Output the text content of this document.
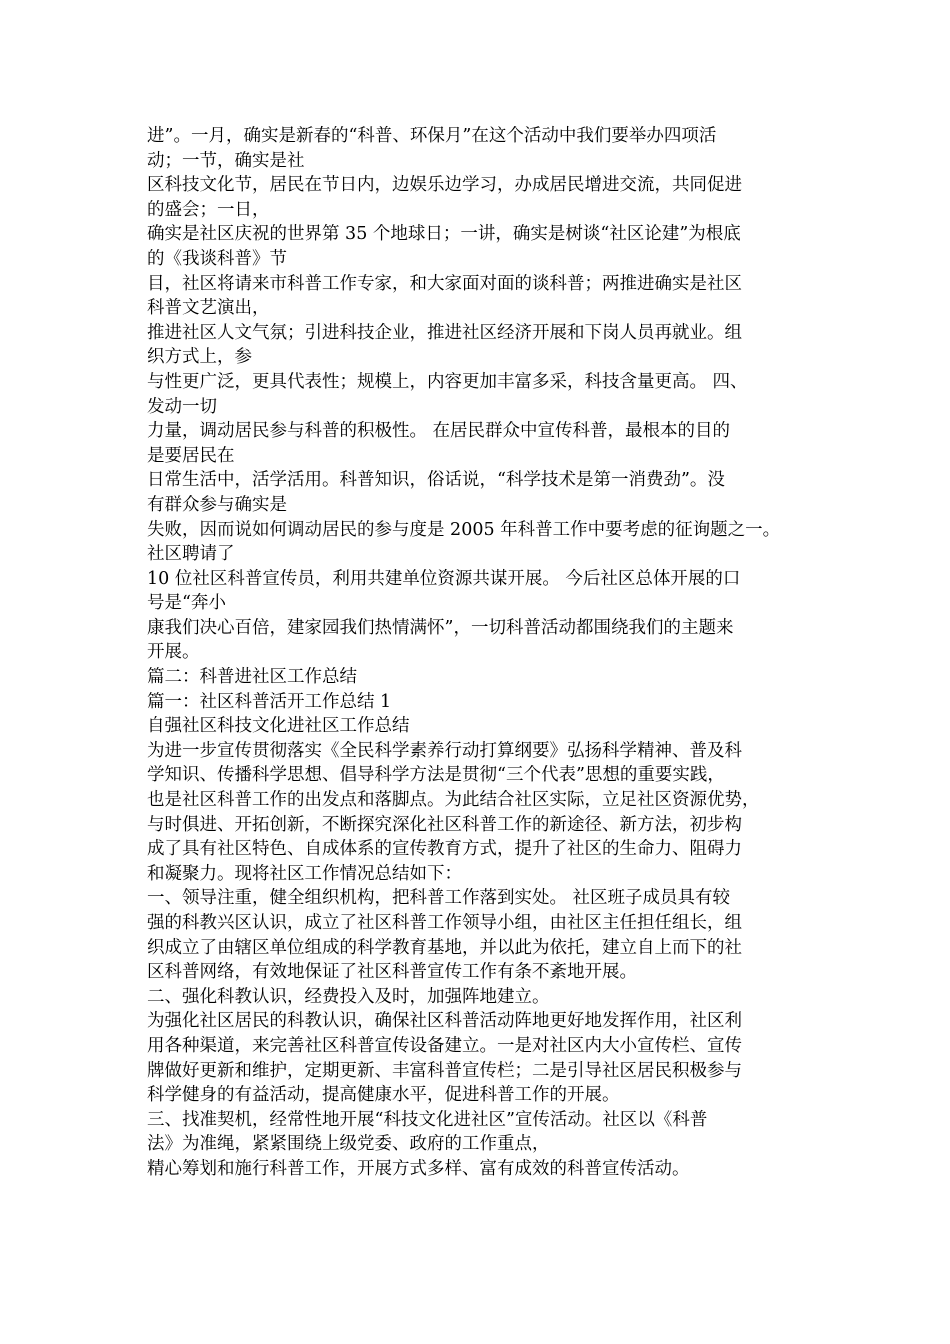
进”。一月，确实是新春的“科普、环保月”在这个活动中我们要举办四项活
动；一节，确实是社
区科技文化节，居民在节日内，边娱乐边学习，办成居民增进交流，共同促进
的盛会；一日，
确实是社区庆祝的世界第 35 个地球日；一讲，确实是树谈“社区论建”为根底
的《我谈科普》节
目，社区将请来市科普工作专家，和大家面对面的谈科普；两推进确实是社区
科普文艺演出，
推进社区人文气氛；引进科技企业，推进社区经济开展和下岗人员再就业。组
织方式上，参
与性更广泛，更具代表性；规模上，内容更加丰富多采，科技含量更高。 四、
发动一切
力量，调动居民参与科普的积极性。 在居民群众中宣传科普，最根本的目的
是要居民在
日常生活中，活学活用。科普知识，俗话说，“科学技术是第一消费劲”。没
有群众参与确实是
失败，因而说如何调动居民的参与度是 2005 年科普工作中要考虑的征询题之一。
社区聘请了
10 位社区科普宣传员，利用共建单位资源共谋开展。 今后社区总体开展的口
号是“奔小
康我们决心百倍，建家园我们热情满怀”，一切科普活动都围绕我们的主题来
开展。
篇二：科普进社区工作总结
篇一：社区科普活开工作总结 1
自强社区科技文化进社区工作总结
为进一步宣传贯彻落实《全民科学素养行动打算纲要》弘扬科学精神、普及科
学知识、传播科学思想、倡导科学方法是贯彻“三个代表”思想的重要实践，
也是社区科普工作的出发点和落脚点。为此结合社区实际，立足社区资源优势，
与时俱进、开拓创新，不断探究深化社区科普工作的新途径、新方法，初步构
成了具有社区特色、自成体系的宣传教育方式，提升了社区的生命力、阻碍力
和凝聚力。现将社区工作情况总结如下：
一、领导注重，健全组织机构，把科普工作落到实处。 社区班子成员具有较
强的科教兴区认识，成立了社区科普工作领导小组，由社区主任担任组长，组
织成立了由辖区单位组成的科学教育基地，并以此为依托，建立自上而下的社
区科普网络，有效地保证了社区科普宣传工作有条不紊地开展。
二、强化科教认识，经费投入及时，加强阵地建立。
为强化社区居民的科教认识，确保社区科普活动阵地更好地发挥作用，社区利
用各种渠道，来完善社区科普宣传设备建立。一是对社区内大小宣传栏、宣传
牌做好更新和维护，定期更新、丰富科普宣传栏；二是引导社区居民积极参与
科学健身的有益活动，提高健康水平，促进科普工作的开展。
三、找准契机，经常性地开展“科技文化进社区”宣传活动。社区以《科普
法》为准绳，紧紧围绕上级党委、政府的工作重点，
精心筹划和施行科普工作，开展方式多样、富有成效的科普宣传活动。
